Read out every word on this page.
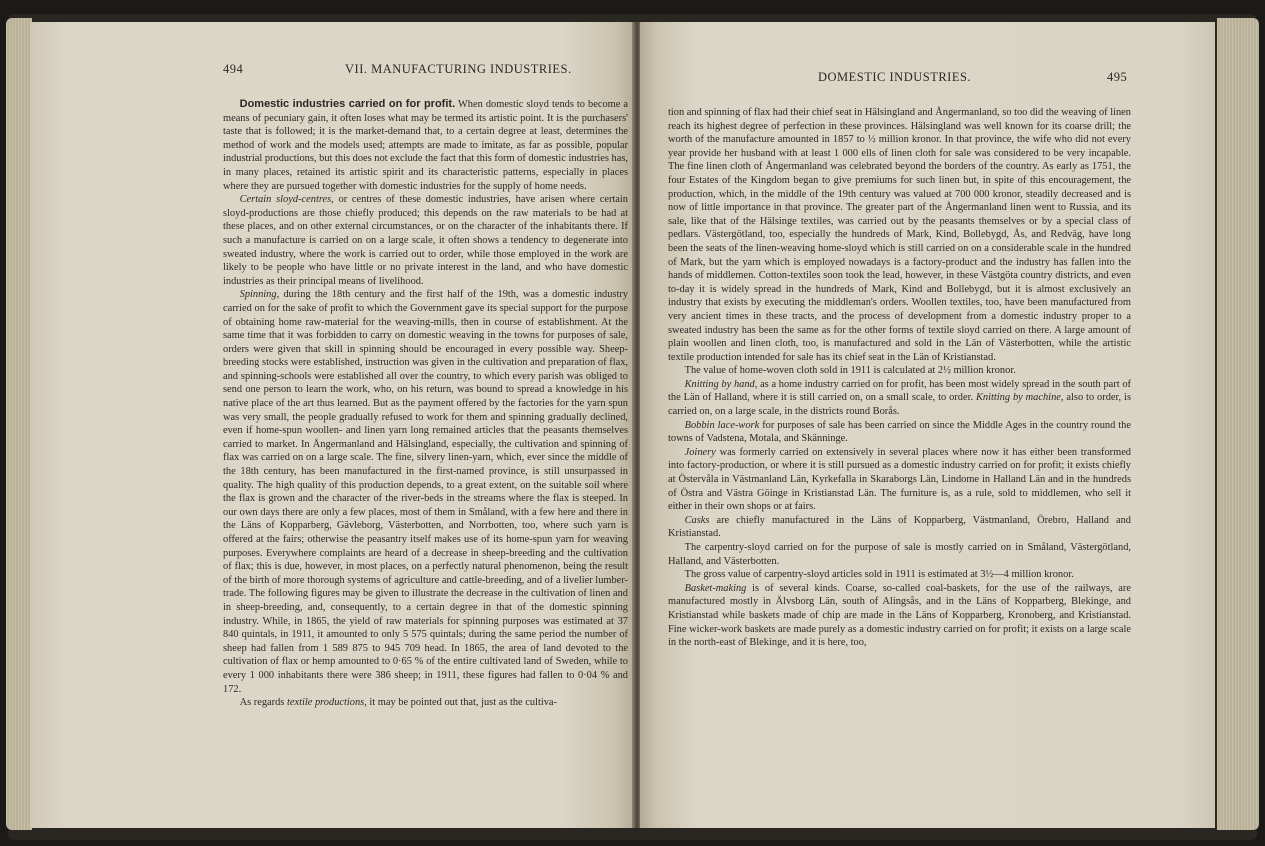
494	VII. MANUFACTURING INDUSTRIES.

Domestic industries carried on for profit. When domestic sloyd tends to become a means of pecuniary gain, it often loses what may be termed its artistic point. It is the purchasers' taste that is followed; it is the market-demand that, to a certain degree at least, determines the method of work and the models used; attempts are made to imitate, as far as possible, popular industrial productions, but this does not exclude the fact that this form of domestic industries has, in many places, retained its artistic spirit and its characteristic patterns, especially in places where they are pursued together with domestic industries for the supply of home needs.

Certain sloyd-centres, or centres of these domestic industries, have arisen where certain sloyd-productions are those chiefly produced; this depends on the raw materials to be had at these places, and on other external circumstances, or on the character of the inhabitants there. If such a manufacture is carried on on a large scale, it often shows a tendency to degenerate into sweated industry, where the work is carried out to order, while those employed in the work are likely to be people who have little or no private interest in the land, and who have domestic industries as their principal means of livelihood.

Spinning, during the 18th century and the first half of the 19th, was a domestic industry carried on for the sake of profit to which the Government gave its special support for the purpose of obtaining home raw-material for the weaving-mills, then in course of establishment. At the same time that it was forbidden to carry on domestic weaving in the towns for purposes of sale, orders were given that skill in spinning should be encouraged in every possible way. Sheep-breeding stocks were established, instruction was given in the cultivation and preparation of flax, and spinning-schools were established all over the country, to which every parish was obliged to send one person to learn the work, who, on his return, was bound to spread a knowledge in his native place of the art thus learned. But as the payment offered by the factories for the yarn spun was very small, the people gradually refused to work for them and spinning gradually declined, even if home-spun woollen- and linen yarn long remained articles that the peasants themselves carried to market. In Ångermanland and Hälsingland, especially, the cultivation and spinning of flax was carried on on a large scale. The fine, silvery linen-yarn, which, ever since the middle of the 18th century, has been manufactured in the first-named province, is still unsurpassed in quality. The high quality of this production depends, to a great extent, on the suitable soil where the flax is grown and the character of the river-beds in the streams where the flax is steeped. In our own days there are only a few places, most of them in Småland, with a few here and there in the Läns of Kopparberg, Gävleborg, Västerbotten, and Norrbotten, too, where such yarn is offered at the fairs; otherwise the peasantry itself makes use of its home-spun yarn for weaving purposes. Everywhere complaints are heard of a decrease in sheep-breeding and the cultivation of flax; this is due, however, in most places, on a perfectly natural phenomenon, being the result of the birth of more thorough systems of agriculture and cattle-breeding, and of a livelier lumber-trade. The following figures may be given to illustrate the decrease in the cultivation of linen and in sheep-breeding, and, consequently, to a certain degree in that of the domestic spinning industry. While, in 1865, the yield of raw materials for spinning purposes was estimated at 37 840 quintals, in 1911, it amounted to only 5 575 quintals; during the same period the number of sheep had fallen from 1 589 875 to 945 709 head. In 1865, the area of land devoted to the cultivation of flax or hemp amounted to 0·65 % of the entire cultivated land of Sweden, while to every 1 000 inhabitants there were 386 sheep; in 1911, these figures had fallen to 0·04 % and 172.

As regards textile productions, it may be pointed out that, just as the cultiva-

DOMESTIC INDUSTRIES.	495

tion and spinning of flax had their chief seat in Hälsingland and Ångermanland, so too did the weaving of linen reach its highest degree of perfection in these provinces. Hälsingland was well known for its coarse drill; the worth of the manufacture amounted in 1857 to ½ million kronor. In that province, the wife who did not every year provide her husband with at least 1 000 ells of linen cloth for sale was considered to be very incapable. The fine linen cloth of Ångermanland was celebrated beyond the borders of the country. As early as 1751, the four Estates of the Kingdom began to give premiums for such linen but, in spite of this encouragement, the production, which, in the middle of the 19th century was valued at 700 000 kronor, steadily decreased and is now of little importance in that province. The greater part of the Ångermanland linen went to Russia, and its sale, like that of the Hälsinge textiles, was carried out by the peasants themselves or by a special class of pedlars. Västergötland, too, especially the hundreds of Mark, Kind, Bollebygd, Ås, and Redväg, have long been the seats of the linen-weaving home-sloyd which is still carried on on a considerable scale in the hundred of Mark, but the yarn which is employed nowadays is a factory-product and the industry has fallen into the hands of middlemen. Cotton-textiles soon took the lead, however, in these Västgöta country districts, and even to-day it is widely spread in the hundreds of Mark, Kind and Bollebygd, but it is almost exclusively an industry that exists by executing the middleman's orders. Woollen textiles, too, have been manufactured from very ancient times in these tracts, and the process of development from a domestic industry proper to a sweated industry has been the same as for the other forms of textile sloyd carried on there. A large amount of plain woollen and linen cloth, too, is manufactured and sold in the Län of Västerbotten, while the artistic textile production intended for sale has its chief seat in the Län of Kristianstad.

The value of home-woven cloth sold in 1911 is calculated at 2½ million kronor.

Knitting by hand, as a home industry carried on for profit, has been most widely spread in the south part of the Län of Halland, where it is still carried on, on a small scale, to order. Knitting by machine, also to order, is carried on, on a large scale, in the districts round Borås.

Bobbin lace-work for purposes of sale has been carried on since the Middle Ages in the country round the towns of Vadstena, Motala, and Skänninge.

Joinery was formerly carried on extensively in several places where now it has either been transformed into factory-production, or where it is still pursued as a domestic industry carried on for profit; it exists chiefly at Östervåla in Västmanland Län, Kyrkefalla in Skaraborgs Län, Lindome in Halland Län and in the hundreds of Östra and Västra Göinge in Kristianstad Län. The furniture is, as a rule, sold to middlemen, who sell it either in their own shops or at fairs.

Casks are chiefly manufactured in the Läns of Kopparberg, Västmanland, Örebro, Halland and Kristianstad.

The carpentry-sloyd carried on for the purpose of sale is mostly carried on in Småland, Västergötland, Halland, and Västerbotten.

The gross value of carpentry-sloyd articles sold in 1911 is estimated at 3½—4 million kronor.

Basket-making is of several kinds. Coarse, so-called coal-baskets, for the use of the railways, are manufactured mostly in Älvsborg Län, south of Alingsås, and in the Läns of Kopparberg, Blekinge, and Kristianstad while baskets made of chip are made in the Läns of Kopparberg, Kronoberg, and Kristianstad. Fine wicker-work baskets are made purely as a domestic industry carried on for profit; it exists on a large scale in the north-east of Blekinge, and it is here, too,
